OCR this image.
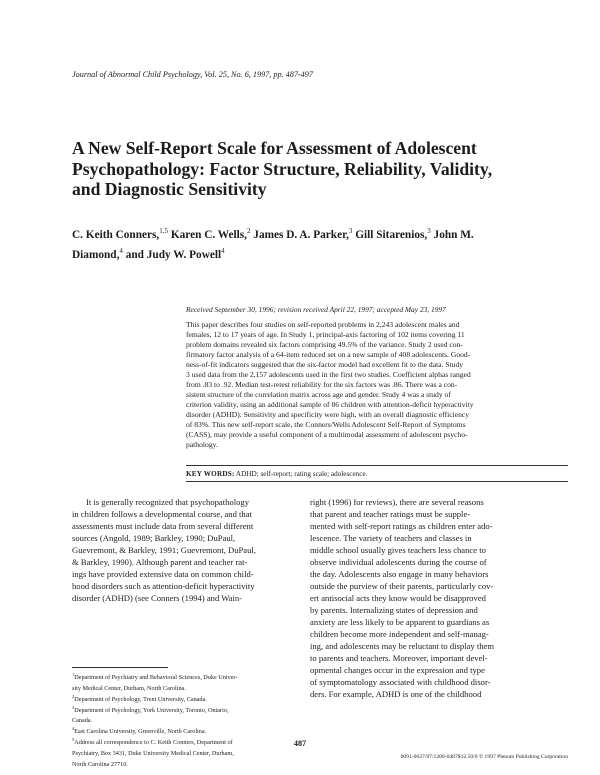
Journal of Abnormal Child Psychology, Vol. 25, No. 6, 1997, pp. 487-497
A New Self-Report Scale for Assessment of Adolescent
Psychopathology: Factor Structure, Reliability, Validity,
and Diagnostic Sensitivity
C. Keith Conners,$^{1,5}$ Karen C. Wells,$^2$ James D. A. Parker,$^3$ Gill Sitarenios,$^3$ John M.
Diamond,$^4$ and Judy W. Powell$^4$
Received September 30, 1996; revision received April 22, 1997; accepted May 23, 1997
This paper describes four studies on self-reported problems in 2,243 adolescent males and
females, 12 to 17 years of age. In Study 1, principal-axis factoring of 102 items covering 11
problem domains revealed six factors comprising 49.5% of the variance. Study 2 used con-
firmatory factor analysis of a 64-item reduced set on a new sample of 408 adolescents. Good-
ness-of-fit indicators suggested that the six-factor model had excellent fit to the data. Study
3 used data from the 2,157 adolescents used in the first two studies. Coefficient alphas ranged
from .83 to .92. Median test-retest reliability for the six factors was .86. There was a con-
sistent structure of the correlation matrix across age and gender. Study 4 was a study of
criterion validity, using an additional sample of 86 children with attention-deficit hyperactivity
disorder (ADHD). Sensitivity and specificity were high, with an overall diagnostic efficiency
of 83%. This new self-report scale, the Conners/Wells Adolescent Self-Report of Symptoms
(CASS), may provide a useful component of a multimodal assessment of adolescent psycho-
pathology.
KEY WORDS: ADHD; self-report; rating scale; adolescence.
It is generally recognized that psychopathology
in children follows a developmental course, and that
assessments must include data from several different
sources (Angold, 1989; Barkley, 1990; DuPaul,
Guevremont, & Barkley, 1991; Guevremont, DuPaul,
& Barkley, 1990). Although parent and teacher rat-
ings have provided extensive data on common child-
hood disorders such as attention-deficit hyperactivity
disorder (ADHD) (see Conners (1994) and Wain-
right (1996) for reviews), there are several reasons
that parent and teacher ratings must be supple-
mented with self-report ratings as children enter ado-
lescence. The variety of teachers and classes in
middle school usually gives teachers less chance to
observe individual adolescents during the course of
the day. Adolescents also engage in many behaviors
outside the purview of their parents, particularly cov-
ert antisocial acts they know would be disapproved
by parents. Internalizing states of depression and
anxiety are less likely to be apparent to guardians as
children become more independent and self-manag-
ing, and adolescents may be reluctant to display them
to parents and teachers. Moreover, important devel-
opmental changes occur in the expression and type
of symptomatology associated with childhood disor-
ders. For example, ADHD is one of the childhood
$^1$Department of Psychiatry and Behavioral Sciences, Duke Univer-
sity Medical Center, Durham, North Carolina.
$^2$Department of Psychology, Trent University, Canada.
$^3$Department of Psychology, York University, Toronto, Ontario,
Canada.
$^4$East Carolina University, Greenville, North Carolina.
$^5$Address all correspondence to C. Keith Conners, Department of
Psychiatry, Box 3431, Duke University Medical Center, Durham,
North Carolina 27710.
487
0091-0627/97/1200-0487$12.50/0 © 1997 Plenum Publishing Corporation
